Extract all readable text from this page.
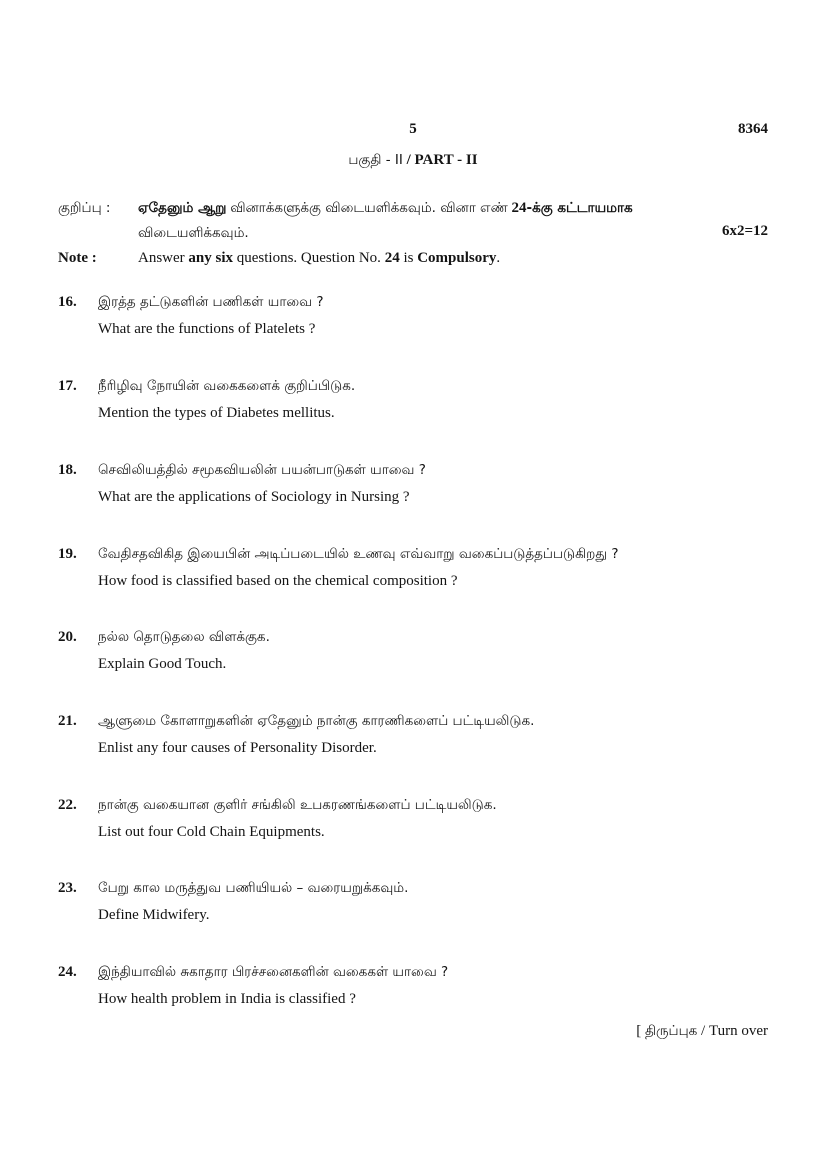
5	8364
பகுதி - II / PART - II
குறிப்பு : ஏதேனும் ஆறு வினாக்களுக்கு விடையளிக்கவும். வினா எண் 24-க்கு கட்டாயமாக
விடையளிக்கவும்.	6x2=12
Note :	Answer any six questions. Question No. 24 is Compulsory.
16. இரத்த தட்டுகளின் பணிகள் யாவை ?
What are the functions of Platelets ?
17. நீரிழிவு நோயின் வகைகளைக் குறிப்பிடுக.
Mention the types of Diabetes mellitus.
18. செவிலியத்தில் சமூகவியலின் பயன்பாடுகள் யாவை ?
What are the applications of Sociology in Nursing ?
19. வேதிசதவிகித இயைபின் அடிப்படையில் உணவு எவ்வாறு வகைப்படுத்தப்படுகிறது ?
How food is classified based on the chemical composition ?
20. நல்ல தொடுதலை விளக்குக.
Explain Good Touch.
21. ஆளுமை கோளாறுகளின் ஏதேனும் நான்கு காரணிகளைப் பட்டியலிடுக.
Enlist any four causes of Personality Disorder.
22. நான்கு வகையான குளிர் சங்கிலி உபகரணங்களைப் பட்டியலிடுக.
List out four Cold Chain Equipments.
23. பேறு கால மருத்துவ பணியியல் – வரையறுக்கவும்.
Define Midwifery.
24. இந்தியாவில் சுகாதார பிரச்சனைகளின் வகைகள் யாவை ?
How health problem in India is classified ?
[ திருப்புக / Turn over
